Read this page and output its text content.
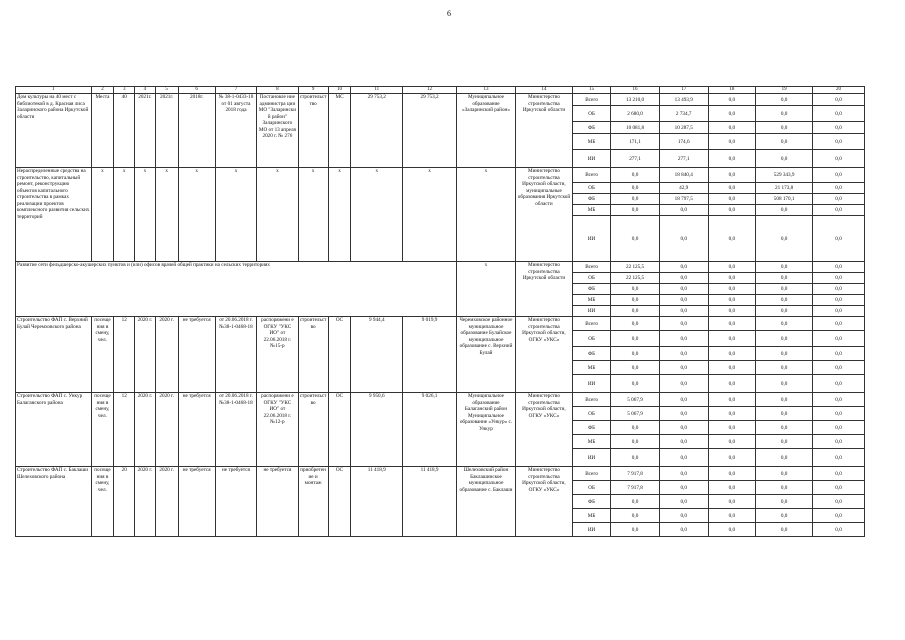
6
1	2	3	4	5	6	7	8	9	10	11	12	13	14	15	16	17	18	19	20
Дом культуры на 40 мест с библиотекой в д. Красная лиса Заларинского района Иркутской области	Места	40	2021г.	2021г.	2018г.	№ 38-1-0433-18 от 01 августа 2018 года	Постановле ние администра ции МО "Заларински й район" Заларинского МО от 13 апреля 2020 г. № 276	строительст тво	МС	29 753,2	29 753,2	Муниципальное образование «Заларинский район»	Министерство строительства Иркутской области	Всего	13 210,0	13 493,9	0,0	0,0	0,0
														ОБ	2 680,0	2 734,7	0,0	0,0	0,0
														ФБ	10 081,8	10 287,5	0,0	0,0	0,0
														МБ	171,1	174,6	0,0	0,0	0,0
														ИИ	277,1	277,1	0,0	0,0	0,0
Нераспределенные средства на строительство, капитальный ремонт, реконструкцию объектов капитального строительства в рамках реализации проектов комплексного развития сельских территорий	х	х	х	х	х	х	х	х	х	х	х	х	Министерство строительства Иркутской области, муниципальные образования Иркутской области	Всего	0,0	18 840,4	0,0	529 343,9	0,0
														ОБ	0,0	42,9	0,0	21 173,8	0,0
														ФБ	0,0	18 797,5	0,0	508 170,1	0,0
														МБ	0,0	0,0	0,0	0,0	0,0
														ИИ	0,0	0,0	0,0	0,0	0,0
Развитие сети фельдшерско-акушерских пунктов и (или) офисов врачей общей практики на сельских территориях												х	Министерство строительства Иркутской области	Всего	22 125,5	0,0	0,0	0,0	0,0
														ОБ	22 125,5	0,0	0,0	0,0	0,0
														ФБ	0,0	0,0	0,0	0,0	0,0
														МБ	0,0	0,0	0,0	0,0	0,0
														ИИ	0,0	0,0	0,0	0,0	0,0
Строительство ФАП с. Верхний Булай Черемховского района	посеще ния в смену, чел.	12	2020 г.	2020 г.	не требуется	от 20.06.2018 г. №38-1-0468-18	распоряжени е ОГКУ "УКС ИО" от 22.06.2018 г. №15-р	строительст во	ОС	9 944,4	9 019,9	Черемховское районное муниципальное образование Булайское муниципальное образование с. Верхний Булай	Министерство строительства Иркутской области, ОГКУ «УКС»	Всего	0,0	0,0	0,0	0,0	0,0
														ОБ	0,0	0,0	0,0	0,0	0,0
														ФБ	0,0	0,0	0,0	0,0	0,0
														МБ	0,0	0,0	0,0	0,0	0,0
														ИИ	0,0	0,0	0,0	0,0	0,0
Строительство ФАП с. Ункур Балаганского района	посеще ния в смену, чел.	12	2020 г.	2020 г.	не требуется	от 20.06.2018 г. №38-1-0468-18	распоряжени е ОГКУ "УКС ИО" от 22.06.2018 г. №12-р	строительст во	ОС	9 950,6	9 026,1	Муниципальное образование Балаганский район Муниципальное образование «Ункур» с. Ункур	Министерство строительства Иркутской области, ОГКУ «УКС»	Всего	5 067,9	0,0	0,0	0,0	0,0
														ОБ	5 067,9	0,0	0,0	0,0	0,0
														ФБ	0,0	0,0	0,0	0,0	0,0
														МБ	0,0	0,0	0,0	0,0	0,0
														ИИ	0,0	0,0	0,0	0,0	0,0
Строительство ФАП с. Баклаши Шелеховского района	посеще ния в смену, чел.	20	2020 г.	2020 г.	не требуется	не требуется	не требуется	приобретен ие и монтаж	ОС	11 418,9	11 418,9	Шелеховский район Баклашинское муниципальное образование с. Баклаши	Министерство строительства Иркутской области, ОГКУ «УКС»	Всего	7 917,8	0,0	0,0	0,0	0,0
														ОБ	7 917,8	0,0	0,0	0,0	0,0
														ФБ	0,0	0,0	0,0	0,0	0,0
														МБ	0,0	0,0	0,0	0,0	0,0
														ИИ	0,0	0,0	0,0	0,0	0,0
